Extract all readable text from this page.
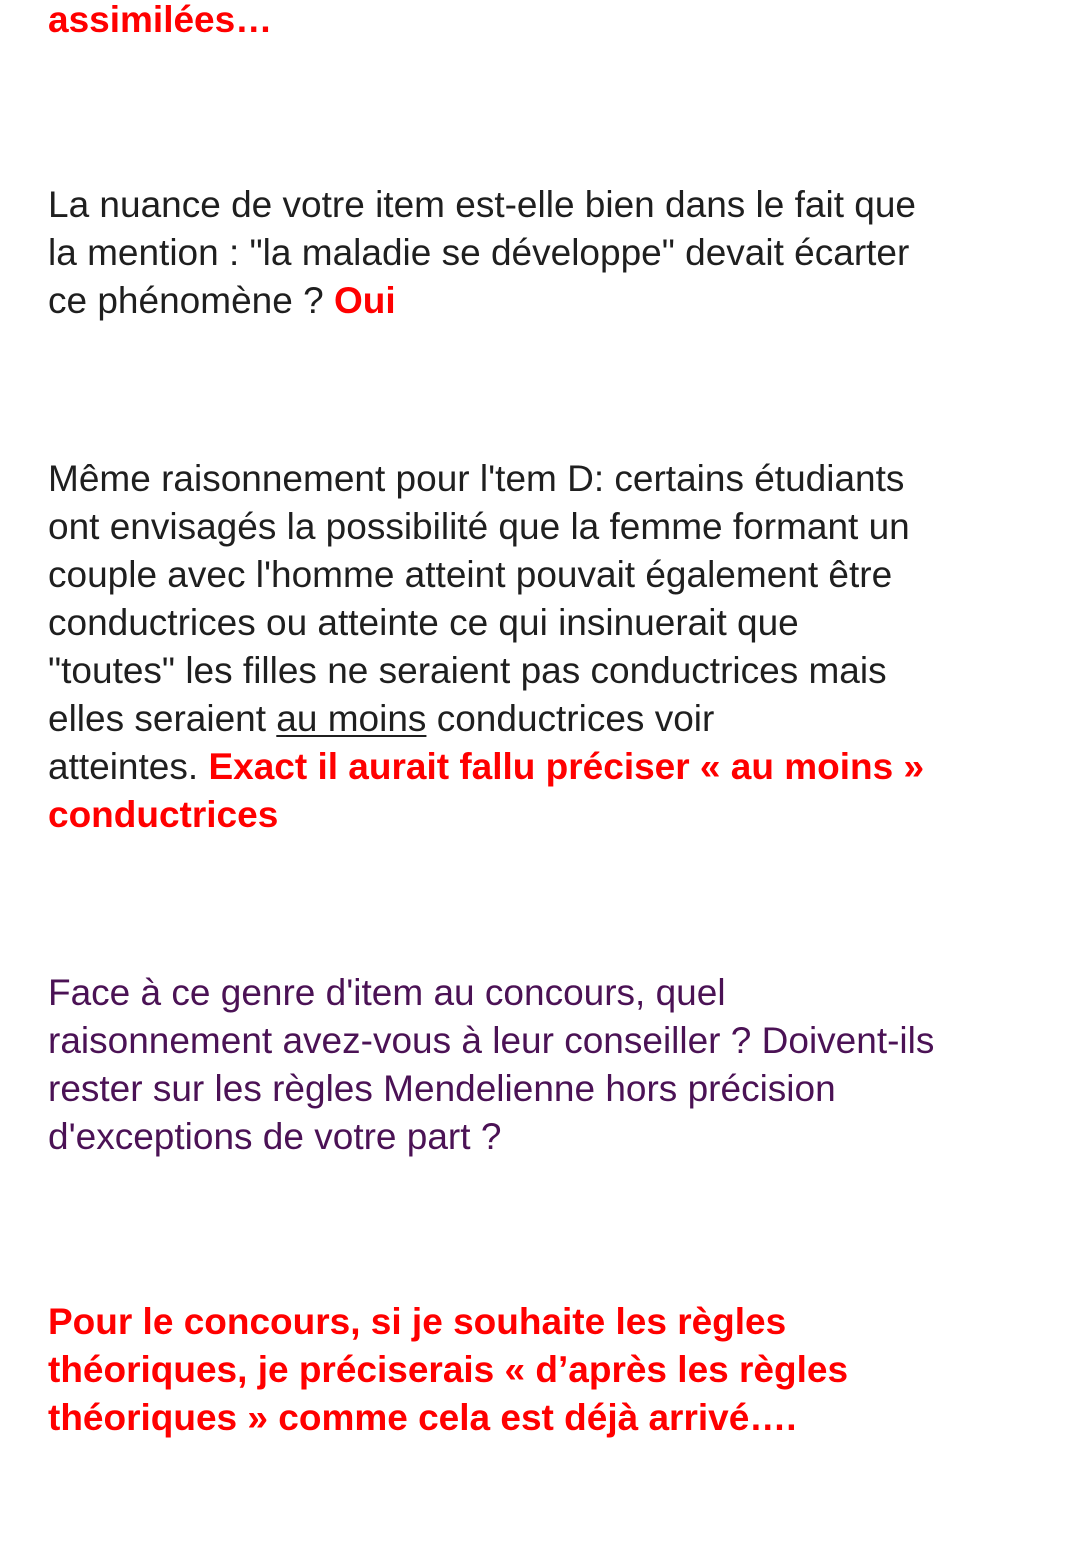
assimilées…

La nuance de votre item est-elle bien dans le fait que
la mention : "la maladie se développe" devait écarter
ce phénomène ? Oui

Même raisonnement pour l'tem D: certains étudiants
ont envisagés la possibilité que la femme formant un
couple avec l'homme atteint pouvait également être
conductrices ou atteinte ce qui insinuerait que
"toutes" les filles ne seraient pas conductrices mais
elles seraient au moins conductrices voir
atteintes. Exact il aurait fallu préciser « au moins »
conductrices

Face à ce genre d'item au concours, quel
raisonnement avez-vous à leur conseiller ? Doivent-ils
rester sur les règles Mendelienne hors précision
d'exceptions de votre part ?

Pour le concours, si je souhaite les règles
théoriques, je préciserais « d’après les règles
théoriques » comme cela est déjà arrivé….
